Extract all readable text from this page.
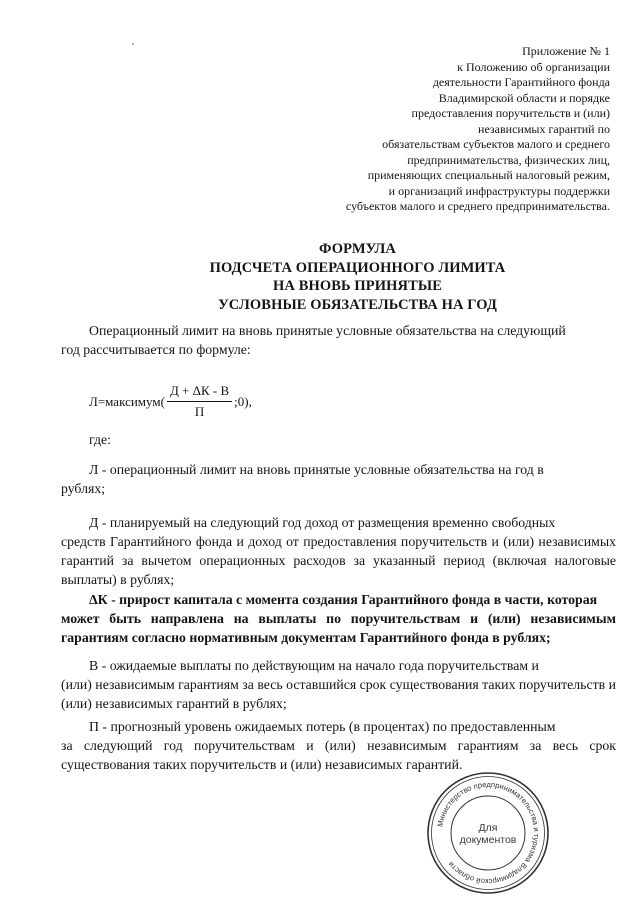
Приложение № 1
к Положению об организации
деятельности Гарантийного фонда
Владимирской области и порядке
предоставления поручительств и (или)
независимых гарантий по
обязательствам субъектов малого и среднего
предпринимательства, физических лиц,
применяющих специальный налоговый режим,
и организаций инфраструктуры поддержки
субъектов малого и среднего предпринимательства.
ФОРМУЛА
ПОДСЧЕТА ОПЕРАЦИОННОГО ЛИМИТА
НА ВНОВЬ ПРИНЯТЫЕ
УСЛОВНЫЕ ОБЯЗАТЕЛЬСТВА НА ГОД
Операционный лимит на вновь принятые условные обязательства на следующий
год рассчитывается по формуле:
Л = максимум ( $\frac{Д + \Delta К - В}{П}$ ;0),
где:
Л - операционный лимит на вновь принятые условные обязательства на год в
рублях;
Д - планируемый на следующий год доход от размещения временно свободных
средств Гарантийного фонда и доход от предоставления поручительств и (или) независимых гарантий за вычетом операционных расходов за указанный период (включая налоговые выплаты) в рублях;
ΔК - прирост капитала с момента создания Гарантийного фонда в части, которая
может быть направлена на выплаты по поручительствам и (или) независимым гарантиям согласно нормативным документам Гарантийного фонда в рублях;
В - ожидаемые выплаты по действующим на начало года поручительствам и
(или) независимым гарантиям за весь оставшийся срок существования таких поручительств и (или) независимых гарантий в рублях;
П - прогнозный уровень ожидаемых потерь (в процентах) по предоставленным
за следующий год поручительствам и (или) независимым гарантиям за весь срок существования таких поручительств и (или) независимых гарантий.
Министерство предпринимательства и туризма Владимирской области
Для
документов
